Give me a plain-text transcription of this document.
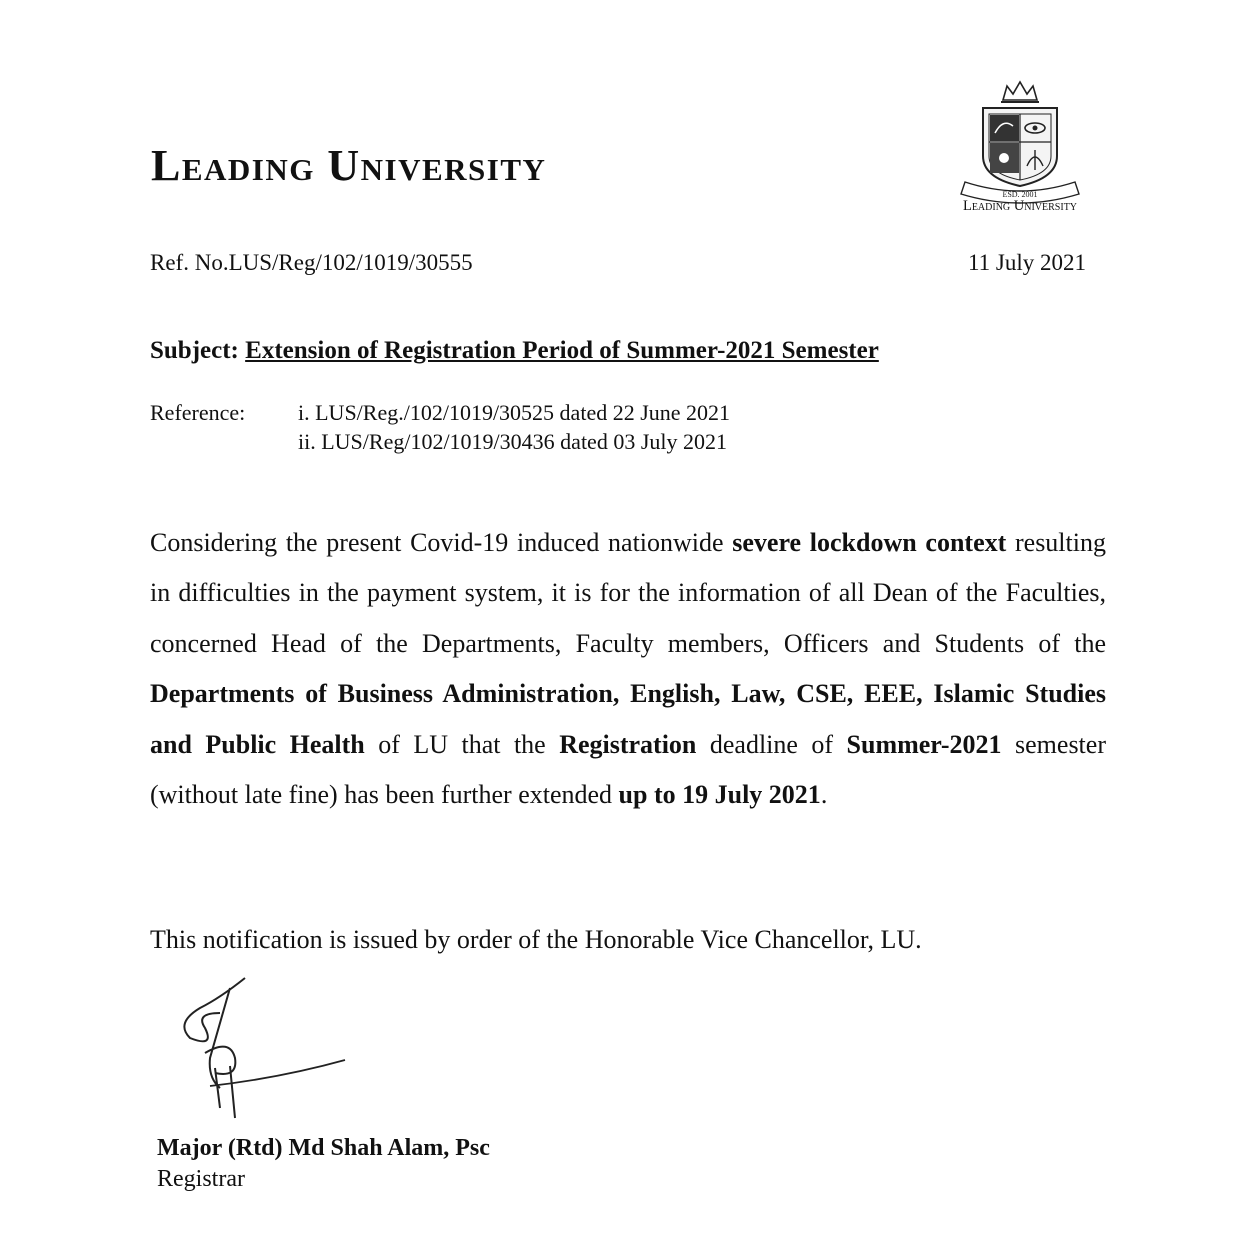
Leading University
ESD. 2001
Leading University
Ref. No.LUS/Reg/102/1019/30555	11 July 2021
Subject: Extension of Registration Period of Summer-2021 Semester
Reference: i. LUS/Reg./102/1019/30525 dated 22 June 2021
ii. LUS/Reg/102/1019/30436 dated 03 July 2021
Considering the present Covid-19 induced nationwide severe lockdown context resulting in difficulties in the payment system, it is for the information of all Dean of the Faculties, concerned Head of the Departments, Faculty members, Officers and Students of the Departments of Business Administration, English, Law, CSE, EEE, Islamic Studies and Public Health of LU that the Registration deadline of Summer-2021 semester (without late fine) has been further extended up to 19 July 2021.
This notification is issued by order of the Honorable Vice Chancellor, LU.
Major (Rtd) Md Shah Alam, Psc
Registrar
